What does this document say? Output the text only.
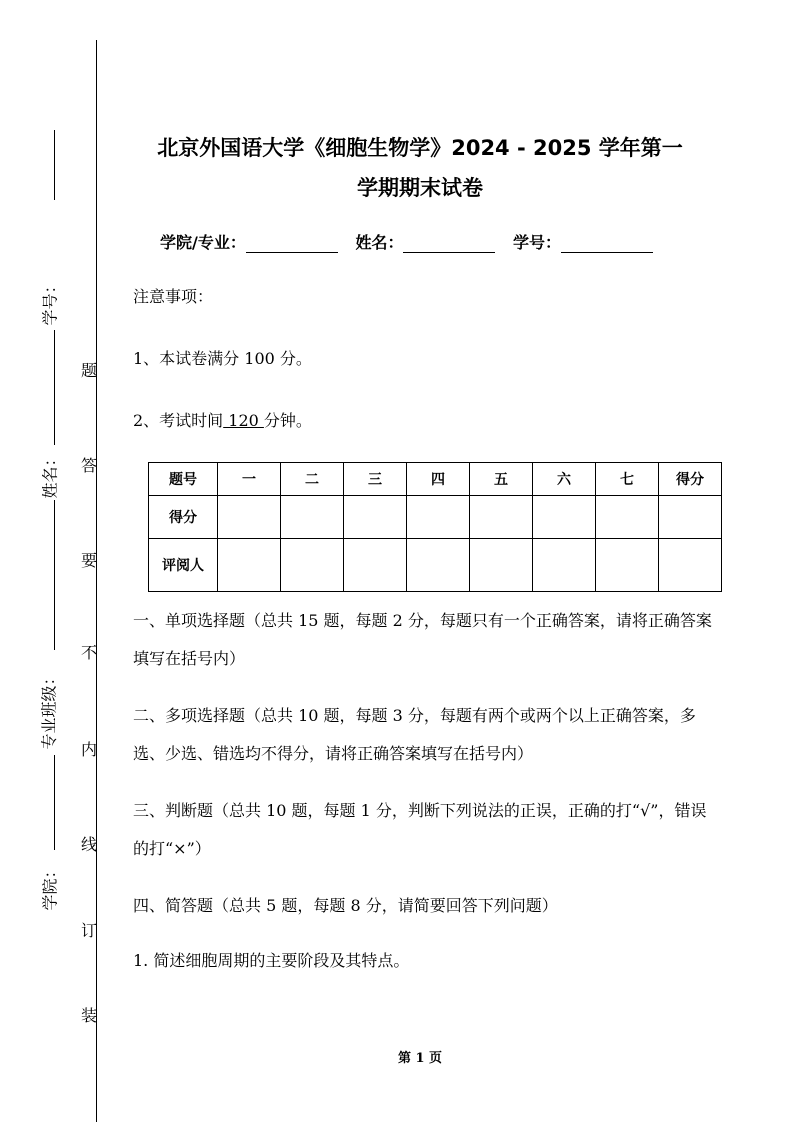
学号：
姓名：
专业班级：
学院：
装
订
线
内
不
要
答
题
北京外国语大学《细胞生物学》2024 - 2025 学年第一
学期期末试卷
学院/专业：	姓名：	学号：
注意事项：
1、本试卷满分 100 分。
2、考试时间 120 分钟。
题号	一	二	三	四	五	六	七	得分
得分								
评阅人								
一、单项选择题（总共 15 题，每题 2 分，每题只有一个正确答案，请将正确答案填写在括号内）
二、多项选择题（总共 10 题，每题 3 分，每题有两个或两个以上正确答案，多选、少选、错选均不得分，请将正确答案填写在括号内）
三、判断题（总共 10 题，每题 1 分，判断下列说法的正误，正确的打“√”，错误的打“×”）
四、简答题（总共 5 题，每题 8 分，请简要回答下列问题）
1. 简述细胞周期的主要阶段及其特点。
第 1 页
